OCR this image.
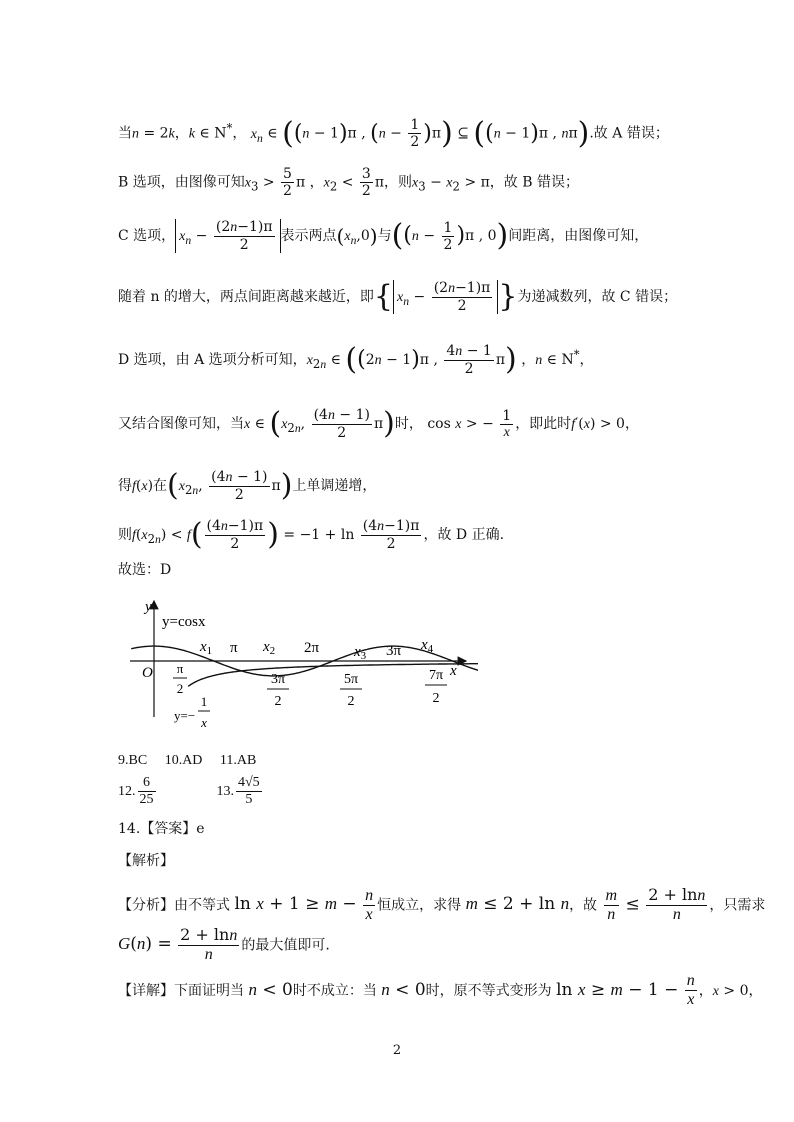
当n = 2k，k ∈ N*， $x_n$ ∈ ((n − 1)π , $(n - \frac{1}{2} )\pi$) ⊆ ((n − 1)π , nπ).故 A 错误；
B 选项，由图像可知$x_3 > \frac{5}{2}$ π ，$x_2 < \frac{3}{2}$ π，则$x_3 - x_2 > \pi$，故 B 错误；
C 选项， $x_n - \frac{(2n-1)\pi}{2}$ 表示两点$(x_n,0)$与($(n - \frac{1}{2} )\pi$ , 0)间距离，由图像可知，
随着 n 的增大，两点间距离越来越近，即{ $x_n - \frac{(2n-1)\pi}{2}$ }为递减数列，故 C 错误；
D 选项，由 A 选项分析可知，$x_{2n}$ ∈ ((2n − 1)π , $\frac{4n - 1}{2} \pi$) ，n ∈ N*，
又结合图像可知，当x ∈ ($x_{2n}$, $\frac{(4n - 1)}{2} \pi$)时， cos x > − $\frac{1}{x}$ ，即此时f′(x) > 0，
得f(x)在($x_{2n}$, $\frac{(4n - 1)}{2} \pi$)上单调递增，
则$f(x_{2n}) < f( \frac{(4n-1)\pi}{2}$ ) = $-1 + \ln \frac{(4n-1)\pi}{2}$ ，故 D 正确.
故选：D
y
x
O
y=cosx
$x_1$ π $x_2$ 2π $x_3$ 3π $x_4$
π
2
3π
2
5π
2
7π
2
y=−
1
x
9.BC 10.AD 11.AB
12. $\frac{6}{25}$	13. $\frac{4√5}{5}$
14.【答案】e
【解析】
【分析】由不等式 $\ln x + 1 \ge m - \frac{n}{x}$ 恒成立，求得 m ≤ 2 + ln n，故 $\frac{m}{n} \le \frac{2 + \ln n}{n}$ ，只需求
$G(n) = \frac{2 + \ln n}{n}$ 的最大值即可.
【详解】下面证明当 n < 0时不成立：当 n < 0时，原不等式变形为 $\ln x \ge m - 1 - \frac{n}{x}$ ，x > 0，
2
